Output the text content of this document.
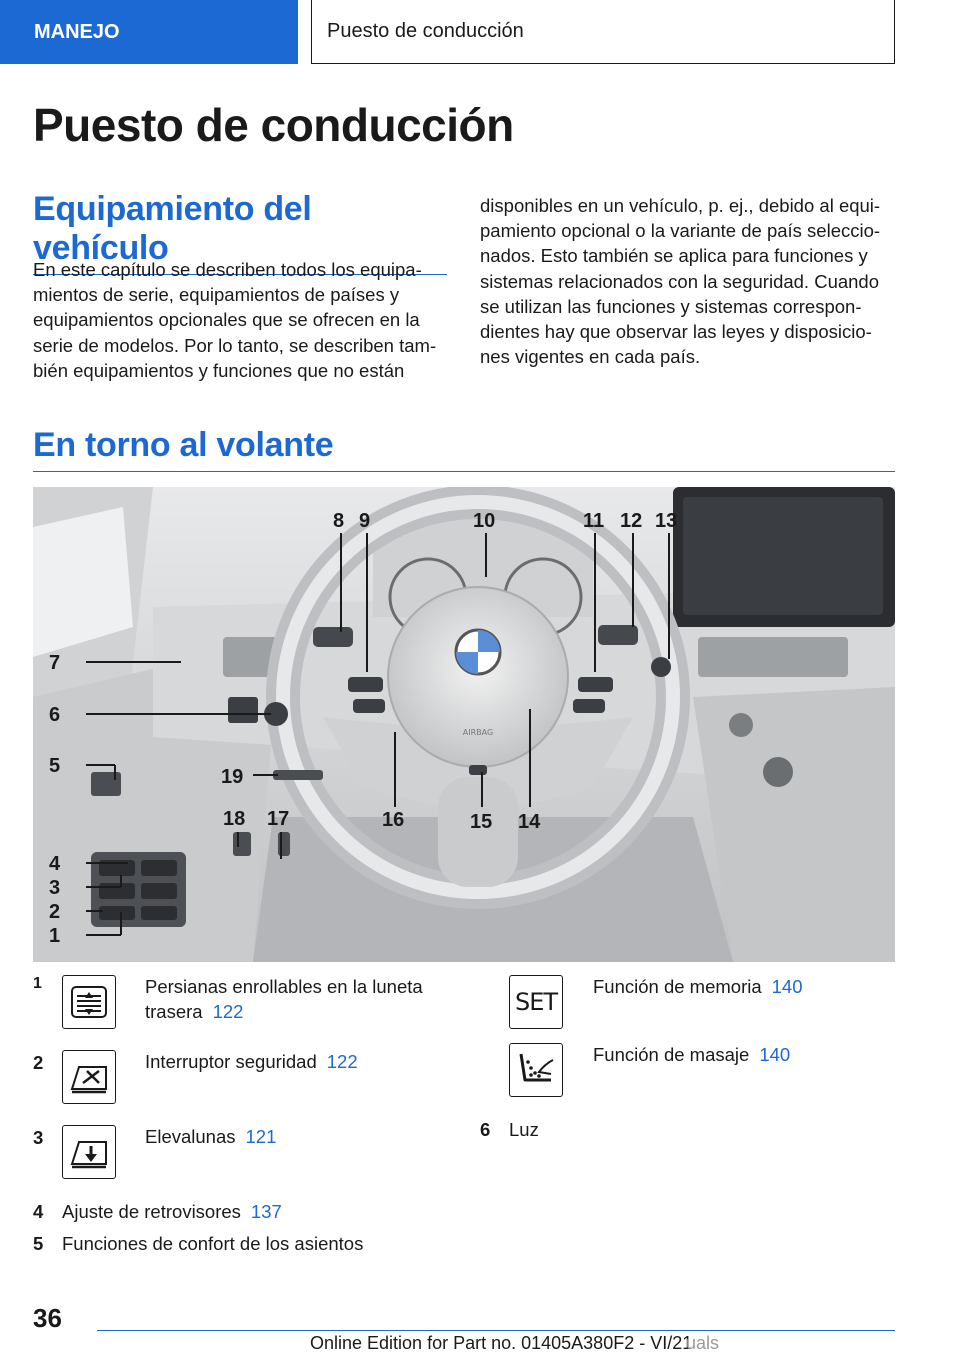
MANEJO	Puesto de conducción
Puesto de conducción
Equipamiento del vehículo

En este capítulo se describen todos los equipamientos de serie, equipamientos de países y equipamientos opcionales que se ofrecen en la serie de modelos. Por lo tanto, se describen también equipamientos y funciones que no están

disponibles en un vehículo, p. ej., debido al equipamiento opcional o la variante de país seleccionados. Esto también se aplica para funciones y sistemas relacionados con la seguridad. Cuando se utilizan las funciones y sistemas correspondientes hay que observar las leyes y disposiciones vigentes en cada país.

En torno al volante
AIRBAG
1
2
3
4
5
6
7
8 9	10	11 12 13
14
15
16
17
18
19
1	Persianas enrollables en la luneta trasera 122
2	Interruptor seguridad 122
3	Elevalunas 121
4 Ajuste de retrovisores 137
5 Funciones de confort de los asientos
SET
Función de memoria 140
Función de masaje 140
6 Luz
36
Online Edition for Part no. 01405A380F2 - VI/21
uals
